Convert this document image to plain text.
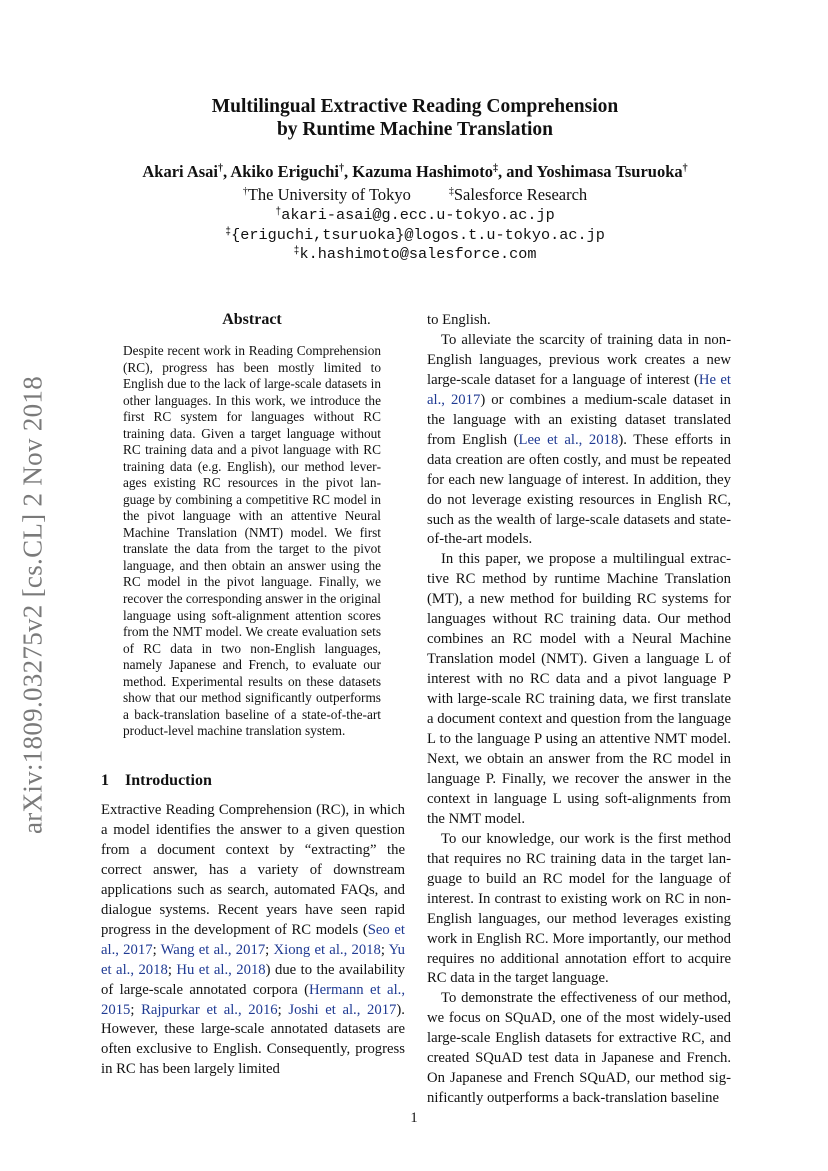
arXiv:1809.03275v2 [cs.CL] 2 Nov 2018
Multilingual Extractive Reading Comprehension
by Runtime Machine Translation
Akari Asai†, Akiko Eriguchi†, Kazuma Hashimoto‡, and Yoshimasa Tsuruoka†
†The University of Tokyo	‡Salesforce Research
†akari-asai@g.ecc.u-tokyo.ac.jp
‡{eriguchi,tsuruoka}@logos.t.u-tokyo.ac.jp
‡k.hashimoto@salesforce.com
Abstract
Despite recent work in Reading Comprehension (RC), progress has been mostly limited to English due to the lack of large-scale datasets in other languages. In this work, we introduce the first RC system for languages without RC training data. Given a target language without RC training data and a pivot language with RC training data (e.g. English), our method leverages existing RC resources in the pivot language by combining a competitive RC model in the pivot language with an attentive Neural Machine Translation (NMT) model. We first translate the data from the target to the pivot language, and then obtain an answer using the RC model in the pivot language. Finally, we recover the corresponding answer in the original language using soft-alignment attention scores from the NMT model. We create evaluation sets of RC data in two non-English languages, namely Japanese and French, to evaluate our method. Experimental results on these datasets show that our method significantly outperforms a back-translation baseline of a state-of-the-art product-level machine translation system.
1 Introduction

Extractive Reading Comprehension (RC), in which a model identifies the answer to a given question from a document context by “extracting” the correct answer, has a variety of downstream applications such as search, automated FAQs, and dialogue systems. Recent years have seen rapid progress in the development of RC models (Seo et al., 2017; Wang et al., 2017; Xiong et al., 2018; Yu et al., 2018; Hu et al., 2018) due to the availability of large-scale annotated corpora (Hermann et al., 2015; Rajpurkar et al., 2016; Joshi et al., 2017). However, these large-scale annotated datasets are often exclusive to English. Consequently, progress in RC has been largely limited

to English.

To alleviate the scarcity of training data in non-English languages, previous work creates a new large-scale dataset for a language of interest (He et al., 2017) or combines a medium-scale dataset in the language with an existing dataset translated from English (Lee et al., 2018). These efforts in data creation are often costly, and must be repeated for each new language of interest. In addition, they do not leverage existing resources in English RC, such as the wealth of large-scale datasets and state-of-the-art models.

In this paper, we propose a multilingual extractive RC method by runtime Machine Translation (MT), a new method for building RC systems for languages without RC training data. Our method combines an RC model with a Neural Machine Translation model (NMT). Given a language L of interest with no RC data and a pivot language P with large-scale RC training data, we first translate a document context and question from the language L to the language P using an attentive NMT model. Next, we obtain an answer from the RC model in language P. Finally, we recover the answer in the context in language L using soft-alignments from the NMT model.

To our knowledge, our work is the first method that requires no RC training data in the target language to build an RC model for the language of interest. In contrast to existing work on RC in non-English languages, our method leverages existing work in English RC. More importantly, our method requires no additional annotation effort to acquire RC data in the target language.

To demonstrate the effectiveness of our method, we focus on SQuAD, one of the most widely-used large-scale English datasets for extractive RC, and created SQuAD test data in Japanese and French. On Japanese and French SQuAD, our method significantly outperforms a back-translation baseline

1
